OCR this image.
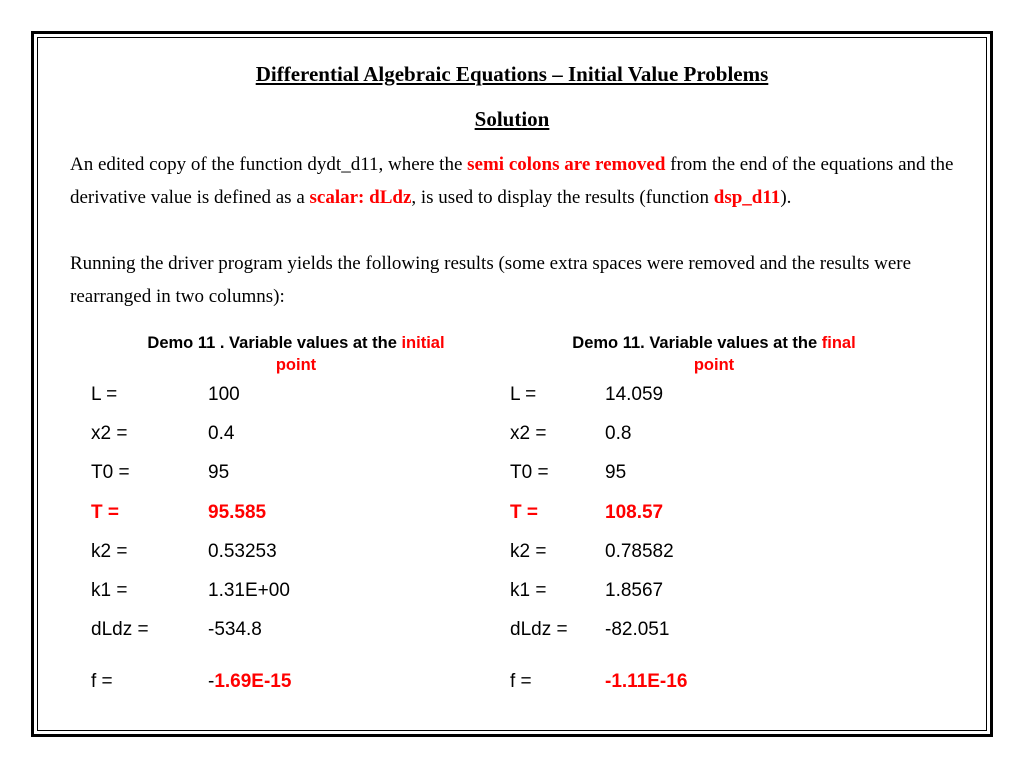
Differential Algebraic Equations – Initial Value Problems
Solution
An edited copy of the function dydt_d11, where the semi colons are removed from the end of the equations and the derivative value is defined as a scalar: dLdz, is used to display the results (function dsp_d11).
Running the driver program yields the following results (some extra spaces were removed and the results were rearranged in two columns):
Demo 11 . Variable values at the initial
point
Demo 11. Variable values at the final
point
L =	100
x2 =	0.4
T0 =	95
T =	95.585
k2 =	0.53253
k1 =	1.31E+00
dLdz =	-534.8
f =	-1.69E-15
L =	14.059
x2 =	0.8
T0 =	95
T =	108.57
k2 =	0.78582
k1 =	1.8567
dLdz = -82.051
f =	-1.11E-16
